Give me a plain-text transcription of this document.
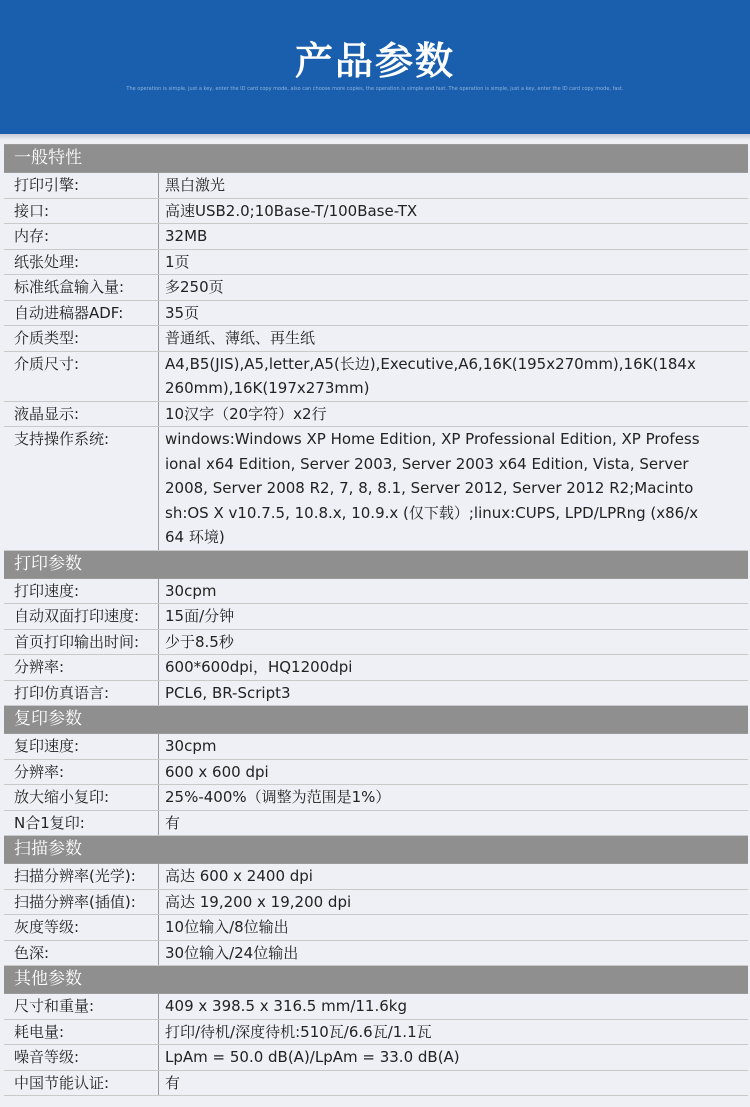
产品参数
The operation is simple, just a key, enter the ID card copy mode, also can choose more copies, the operation is simple and fast. The operation is simple, just a key, enter the ID card copy mode, fast.
一般特性
打印引擎:	黑白激光
接口:	高速USB2.0;10Base-T/100Base-TX
内存:	32MB
纸张处理:	1页
标准纸盒输入量:	多250页
自动进稿器ADF:	35页
介质类型:	普通纸、薄纸、再生纸
介质尺寸:	A4,B5(JIS),A5,letter,A5(长边),Executive,A6,16K(195x270mm),16K(184x260mm),16K(197x273mm)
液晶显示:	10汉字（20字符）x2行
支持操作系统:	windows:Windows XP Home Edition, XP Professional Edition, XP Professional x64 Edition, Server 2003, Server 2003 x64 Edition, Vista, Server 2008, Server 2008 R2, 7, 8, 8.1, Server 2012, Server 2012 R2;Macintosh:OS X v10.7.5, 10.8.x, 10.9.x (仅下载）;linux:CUPS, LPD/LPRng (x86/x64 环境)
打印参数
打印速度:	30cpm
自动双面打印速度:	15面/分钟
首页打印输出时间:	少于8.5秒
分辨率:	600*600dpi，HQ1200dpi
打印仿真语言:	PCL6, BR-Script3
复印参数
复印速度:	30cpm
分辨率:	600 x 600 dpi
放大缩小复印:	25%-400%（调整为范围是1%）
N合1复印:	有
扫描参数
扫描分辨率(光学):	高达 600 x 2400 dpi
扫描分辨率(插值):	高达 19,200 x 19,200 dpi
灰度等级:	10位输入/8位输出
色深:	30位输入/24位输出
其他参数
尺寸和重量:	409 x 398.5 x 316.5 mm/11.6kg
耗电量:	打印/待机/深度待机:510瓦/6.6瓦/1.1瓦
噪音等级:	LpAm = 50.0 dB(A)/LpAm = 33.0 dB(A)
中国节能认证:	有
